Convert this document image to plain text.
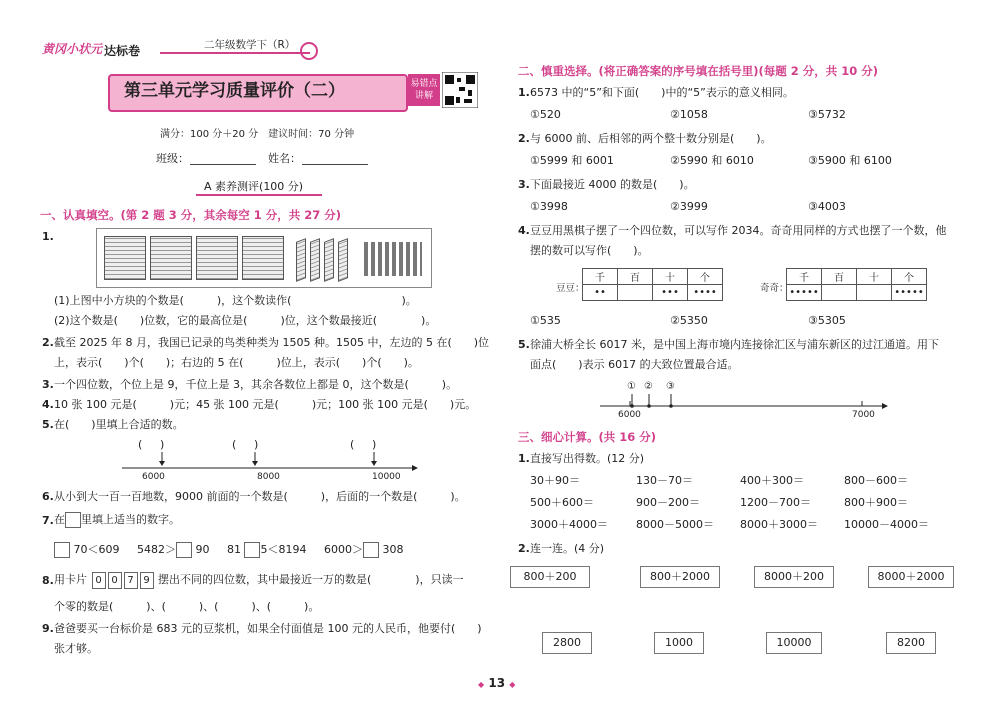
黄冈小状元 达标卷	二年级数学下（R）
第三单元学习质量评价（二）	易错点讲解
满分：100 分＋20 分　建议时间：70 分钟
班级：	姓名：
A 素养测评(100 分)
一、认真填空。(第 2 题 3 分，其余每空 1 分，共 27 分)
1.
(1)上图中小方块的个数是(　　　)，这个数读作(　　　　　　　　　　)。
(2)这个数是(　　)位数，它的最高位是(　　　)位，这个数最接近(　　　　)。
2. 截至 2025 年 8 月，我国已记录的鸟类种类为 1505 种。1505 中，左边的 5 在(　　)位
上，表示(　　)个(　　)；右边的 5 在(　　　)位上，表示(　　)个(　　)。
3. 一个四位数，个位上是 9，千位上是 3，其余各数位上都是 0，这个数是(　　　)。
4. 10 张 100 元是(　　　)元；45 张 100 元是(　　　)元；100 张 100 元是(　　)元。
5. 在(　　)里填上合适的数。
( )	( )	( )
6000	8000	10000
6. 从小到大一百一百地数，9000 前面的一个数是(　　　)，后面的一个数是(　　　)。
7. 在 里填上适当的数字。
70＜609 5482＞ 90 81 5＜8194 6000＞ 308
8. 用卡片 0 0 7 9 摆出不同的四位数，其中最接近一万的数是(　　　　)，只读一
个零的数是(　　　)、(　　　)、(　　　)、(　　　)。
9. 爸爸要买一台标价是 683 元的豆浆机，如果全付面值是 100 元的人民币，他要付(　　)
张才够。
二、慎重选择。(将正确答案的序号填在括号里)(每题 2 分，共 10 分)
1. 6573 中的“5”和下面(　　)中的“5”表示的意义相同。
①520	②1058	③5732
2. 与 6000 前、后相邻的两个整十数分别是(　　)。
①5999 和 6001	②5990 和 6010	③5900 和 6100
3. 下面最接近 4000 的数是(　　)。
①3998	②3999	③4003
4. 豆豆用黑棋子摆了一个四位数，可以写作 2034。奇奇用同样的方式也摆了一个数，他
摆的数可以写作(　　)。
豆豆：
千	百	十	个
••		•••	••••	奇奇：
千	百	十	个
•••••			•••••
①535	②5350	③5305
5. 徐浦大桥全长 6017 米，是中国上海市境内连接徐汇区与浦东新区的过江通道。用下
面点(　　)表示 6017 的大致位置最合适。
① ② ③
6000	7000
三、细心计算。(共 16 分)
1. 直接写出得数。(12 分)
30＋90＝	130－70＝	400＋300＝	800－600＝
500＋600＝	900－200＝	1200－700＝	800＋900＝
3000＋4000＝	8000－5000＝ 8000＋3000＝ 10000－4000＝
2. 连一连。(4 分)
800＋200	800＋2000	8000＋200	8000＋2000
2800	1000	10000	8200
◆ 13 ◆
